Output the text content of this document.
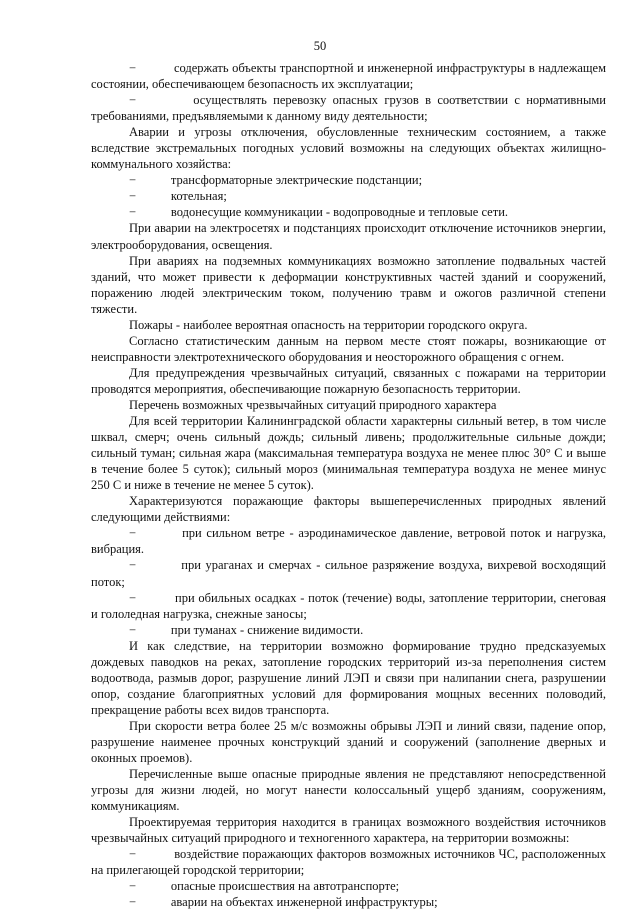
50

−	содержать объекты транспортной и инженерной инфраструктуры в надлежащем состоянии, обеспечивающем безопасность их эксплуатации;

−	осуществлять перевозку опасных грузов в соответствии с нормативными требованиями, предъявляемыми к данному виду деятельности;

Аварии и угрозы отключения, обусловленные техническим состоянием, а также вследствие экстремальных погодных условий возможны на следующих объектах жилищно-коммунального хозяйства:

−	трансформаторные электрические подстанции;

−	котельная;

−	водонесущие коммуникации - водопроводные и тепловые сети.

При аварии на электросетях и подстанциях происходит отключение источников энергии, электрооборудования, освещения.

При авариях на подземных коммуникациях возможно затопление подвальных частей зданий, что может привести к деформации конструктивных частей зданий и сооружений, поражению людей электрическим током, получению травм и ожогов различной степени тяжести.

Пожары - наиболее вероятная опасность на территории городского округа.

Согласно статистическим данным на первом месте стоят пожары, возникающие от неисправности электротехнического оборудования и неосторожного обращения с огнем.

Для предупреждения чрезвычайных ситуаций, связанных с пожарами на территории проводятся мероприятия, обеспечивающие пожарную безопасность территории.

Перечень возможных чрезвычайных ситуаций природного характера

Для всей территории Калининградской области характерны сильный ветер, в том числе шквал, смерч; очень сильный дождь; сильный ливень; продолжительные сильные дожди; сильный туман; сильная жара (максимальная температура воздуха не менее плюс 30° С и выше в течение более 5 суток); сильный мороз (минимальная температура воздуха не менее минус 250 С и ниже в течение не менее 5 суток).

Характеризуются поражающие факторы вышеперечисленных природных явлений следующими действиями:

−	при сильном ветре - аэродинамическое давление, ветровой поток и нагрузка, вибрация.

−	при ураганах и смерчах - сильное разряжение воздуха, вихревой восходящий поток;

−	при обильных осадках - поток (течение) воды, затопление территории, снеговая и гололедная нагрузка, снежные заносы;

−	при туманах - снижение видимости.

И как следствие, на территории возможно формирование трудно предсказуемых дождевых паводков на реках, затопление городских территорий из-за переполнения систем водоотвода, размыв дорог, разрушение линий ЛЭП и связи при налипании снега, разрушении опор, создание благоприятных условий для формирования мощных весенних половодий, прекращение работы всех видов транспорта.

При скорости ветра более 25 м/с возможны обрывы ЛЭП и линий связи, падение опор, разрушение наименее прочных конструкций зданий и сооружений (заполнение дверных и оконных проемов).

Перечисленные выше опасные природные явления не представляют непосредственной угрозы для жизни людей, но могут нанести колоссальный ущерб зданиям, сооружениям, коммуникациям.

Проектируемая территория находится в границах возможного воздействия источников чрезвычайных ситуаций природного и техногенного характера, на территории возможны:

−	воздействие поражающих факторов возможных источников ЧС, расположенных на прилегающей городской территории;

−	опасные происшествия на автотранспорте;

−	аварии на объектах инженерной инфраструктуры;
